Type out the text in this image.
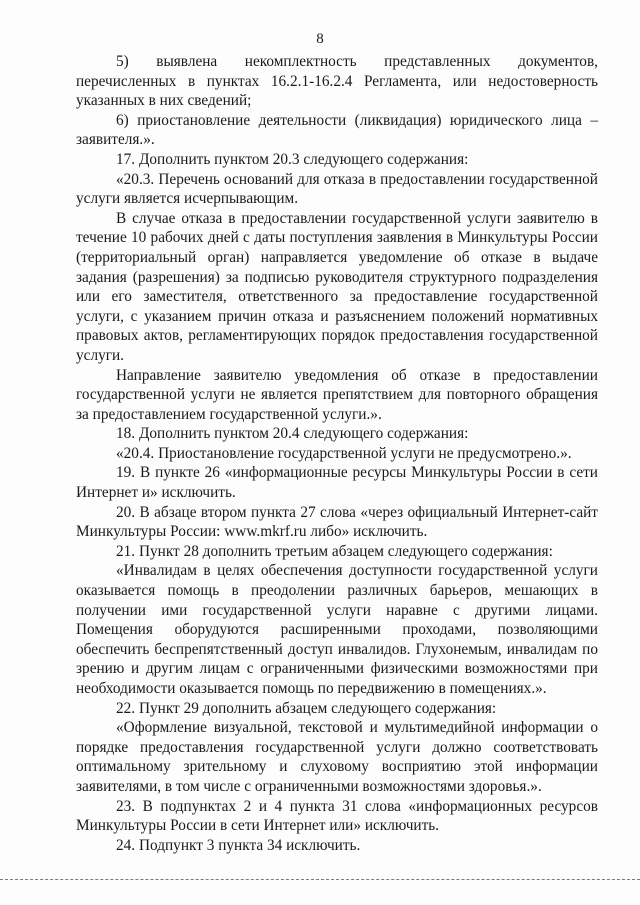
8

5) выявлена некомплектность представленных документов, перечисленных в пунктах 16.2.1-16.2.4 Регламента, или недостоверность указанных в них сведений;

6) приостановление деятельности (ликвидация) юридического лица – заявителя.».

17. Дополнить пунктом 20.3 следующего содержания:

«20.3. Перечень оснований для отказа в предоставлении государственной услуги является исчерпывающим.

В случае отказа в предоставлении государственной услуги заявителю в течение 10 рабочих дней с даты поступления заявления в Минкультуры России (территориальный орган) направляется уведомление об отказе в выдаче задания (разрешения) за подписью руководителя структурного подразделения или его заместителя, ответственного за предоставление государственной услуги, с указанием причин отказа и разъяснением положений нормативных правовых актов, регламентирующих порядок предоставления государственной услуги.

Направление заявителю уведомления об отказе в предоставлении государственной услуги не является препятствием для повторного обращения за предоставлением государственной услуги.».

18. Дополнить пунктом 20.4 следующего содержания:

«20.4. Приостановление государственной услуги не предусмотрено.».

19. В пункте 26 «информационные ресурсы Минкультуры России в сети Интернет и» исключить.

20. В абзаце втором пункта 27 слова «через официальный Интернет-сайт Минкультуры России: www.mkrf.ru либо» исключить.

21. Пункт 28 дополнить третьим абзацем следующего содержания:

«Инвалидам в целях обеспечения доступности государственной услуги оказывается помощь в преодолении различных барьеров, мешающих в получении ими государственной услуги наравне с другими лицами. Помещения оборудуются расширенными проходами, позволяющими обеспечить беспрепятственный доступ инвалидов. Глухонемым, инвалидам по зрению и другим лицам с ограниченными физическими возможностями при необходимости оказывается помощь по передвижению в помещениях.».

22. Пункт 29 дополнить абзацем следующего содержания:

«Оформление визуальной, текстовой и мультимедийной информации о порядке предоставления государственной услуги должно соответствовать оптимальному зрительному и слуховому восприятию этой информации заявителями, в том числе с ограниченными возможностями здоровья.».

23. В подпунктах 2 и 4 пункта 31 слова «информационных ресурсов Минкультуры России в сети Интернет или» исключить.

24. Подпункт 3 пункта 34 исключить.
